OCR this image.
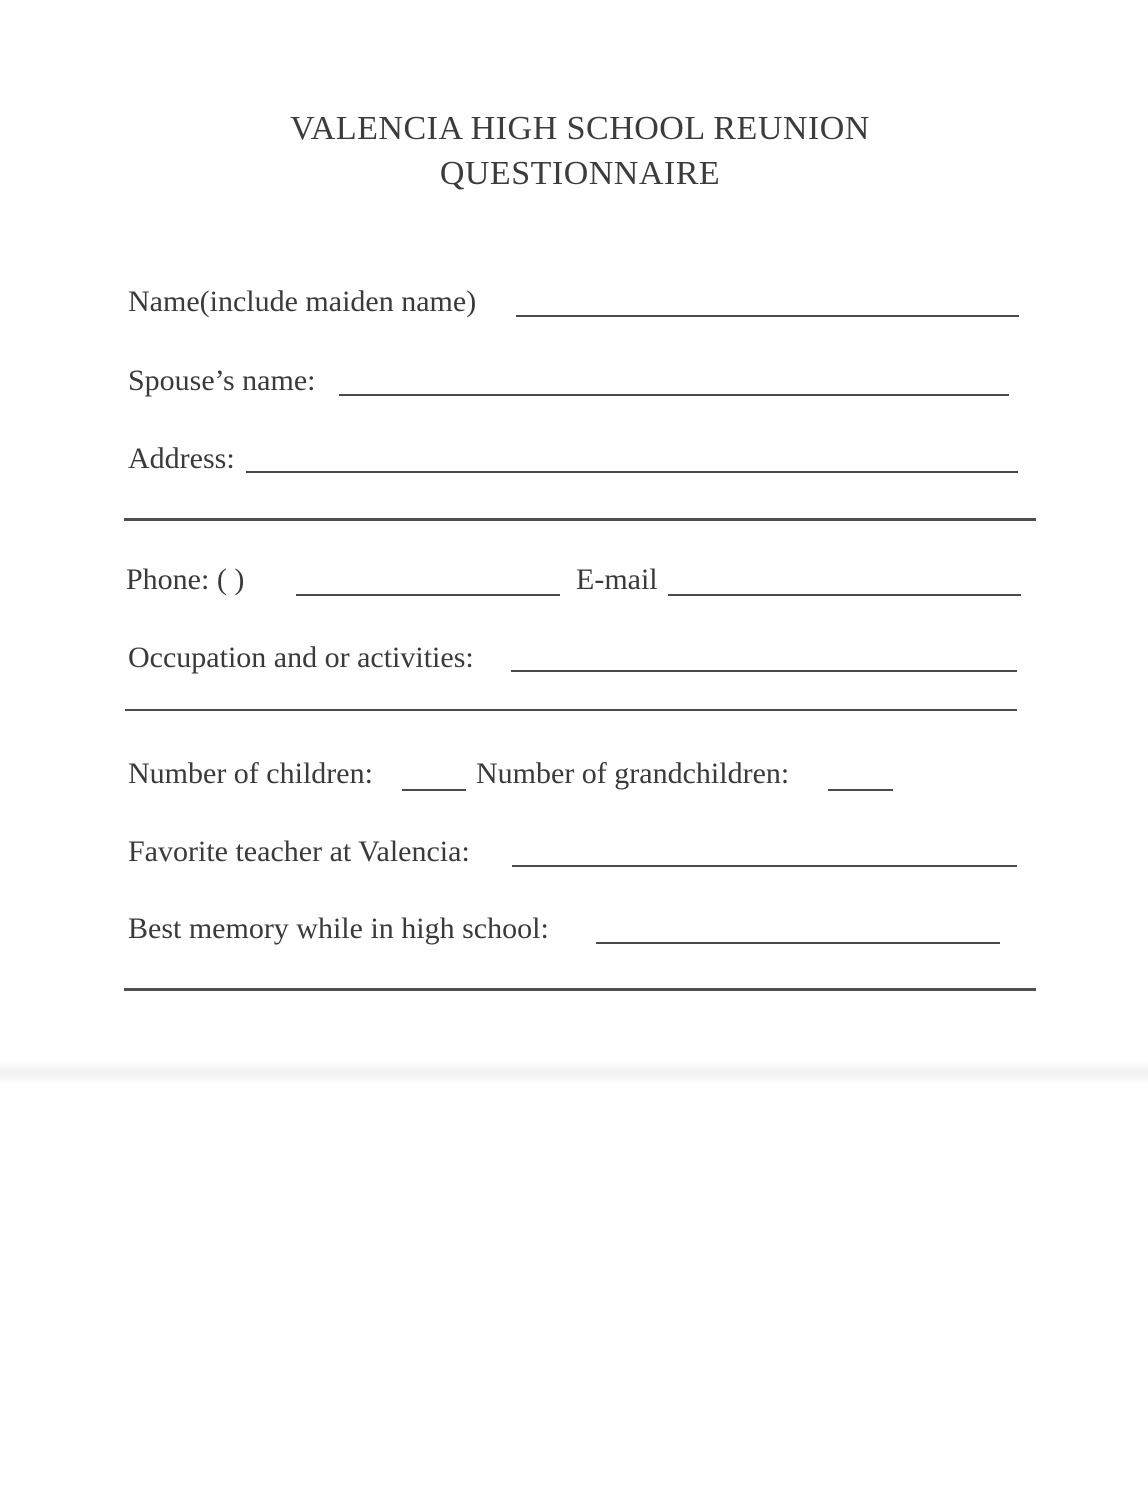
VALENCIA HIGH SCHOOL REUNION
QUESTIONNAIRE
Name(include maiden name)
Spouse’s name:
Address:
Phone: ( )	E-mail
Occupation and or activities:
Number of children:	Number of grandchildren:
Favorite teacher at Valencia:
Best memory while in high school:
